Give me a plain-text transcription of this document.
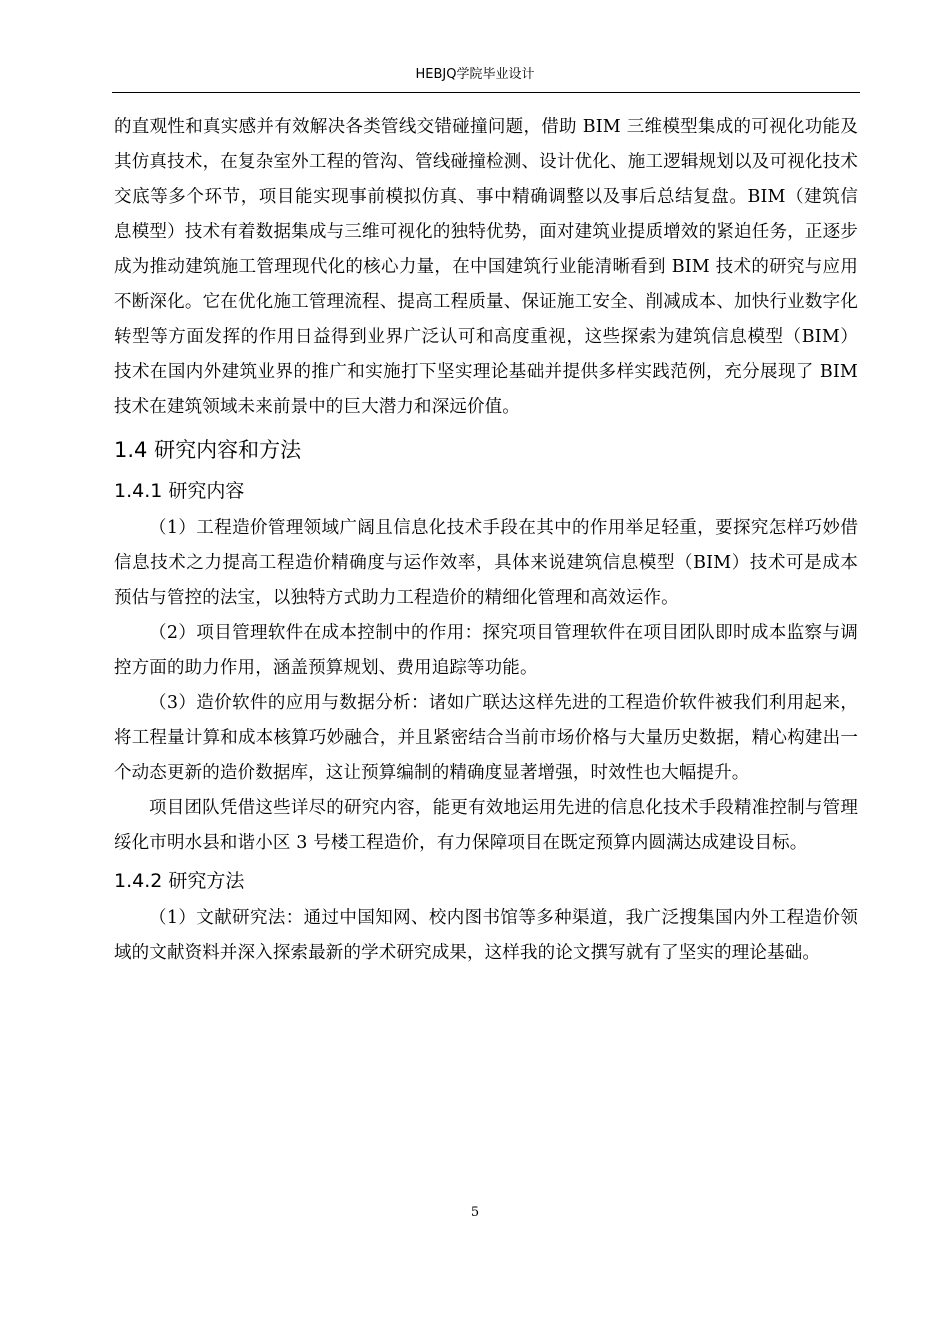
HEBJQ学院毕业设计

的直观性和真实感并有效解决各类管线交错碰撞问题，借助 BIM 三维模型集成的可视化功能及其仿真技术，在复杂室外工程的管沟、管线碰撞检测、设计优化、施工逻辑规划以及可视化技术交底等多个环节，项目能实现事前模拟仿真、事中精确调整以及事后总结复盘。BIM（建筑信息模型）技术有着数据集成与三维可视化的独特优势，面对建筑业提质增效的紧迫任务，正逐步成为推动建筑施工管理现代化的核心力量，在中国建筑行业能清晰看到 BIM 技术的研究与应用不断深化。它在优化施工管理流程、提高工程质量、保证施工安全、削减成本、加快行业数字化转型等方面发挥的作用日益得到业界广泛认可和高度重视，这些探索为建筑信息模型（BIM）技术在国内外建筑业界的推广和实施打下坚实理论基础并提供多样实践范例，充分展现了 BIM 技术在建筑领域未来前景中的巨大潜力和深远价值。

1.4 研究内容和方法
1.4.1 研究内容

（1）工程造价管理领域广阔且信息化技术手段在其中的作用举足轻重，要探究怎样巧妙借信息技术之力提高工程造价精确度与运作效率，具体来说建筑信息模型（BIM）技术可是成本预估与管控的法宝，以独特方式助力工程造价的精细化管理和高效运作。

（2）项目管理软件在成本控制中的作用：探究项目管理软件在项目团队即时成本监察与调控方面的助力作用，涵盖预算规划、费用追踪等功能。

（3）造价软件的应用与数据分析：诸如广联达这样先进的工程造价软件被我们利用起来，将工程量计算和成本核算巧妙融合，并且紧密结合当前市场价格与大量历史数据，精心构建出一个动态更新的造价数据库，这让预算编制的精确度显著增强，时效性也大幅提升。

项目团队凭借这些详尽的研究内容，能更有效地运用先进的信息化技术手段精准控制与管理绥化市明水县和谐小区 3 号楼工程造价，有力保障项目在既定预算内圆满达成建设目标。

1.4.2 研究方法

（1）文献研究法：通过中国知网、校内图书馆等多种渠道，我广泛搜集国内外工程造价领域的文献资料并深入探索最新的学术研究成果，这样我的论文撰写就有了坚实的理论基础。

5
